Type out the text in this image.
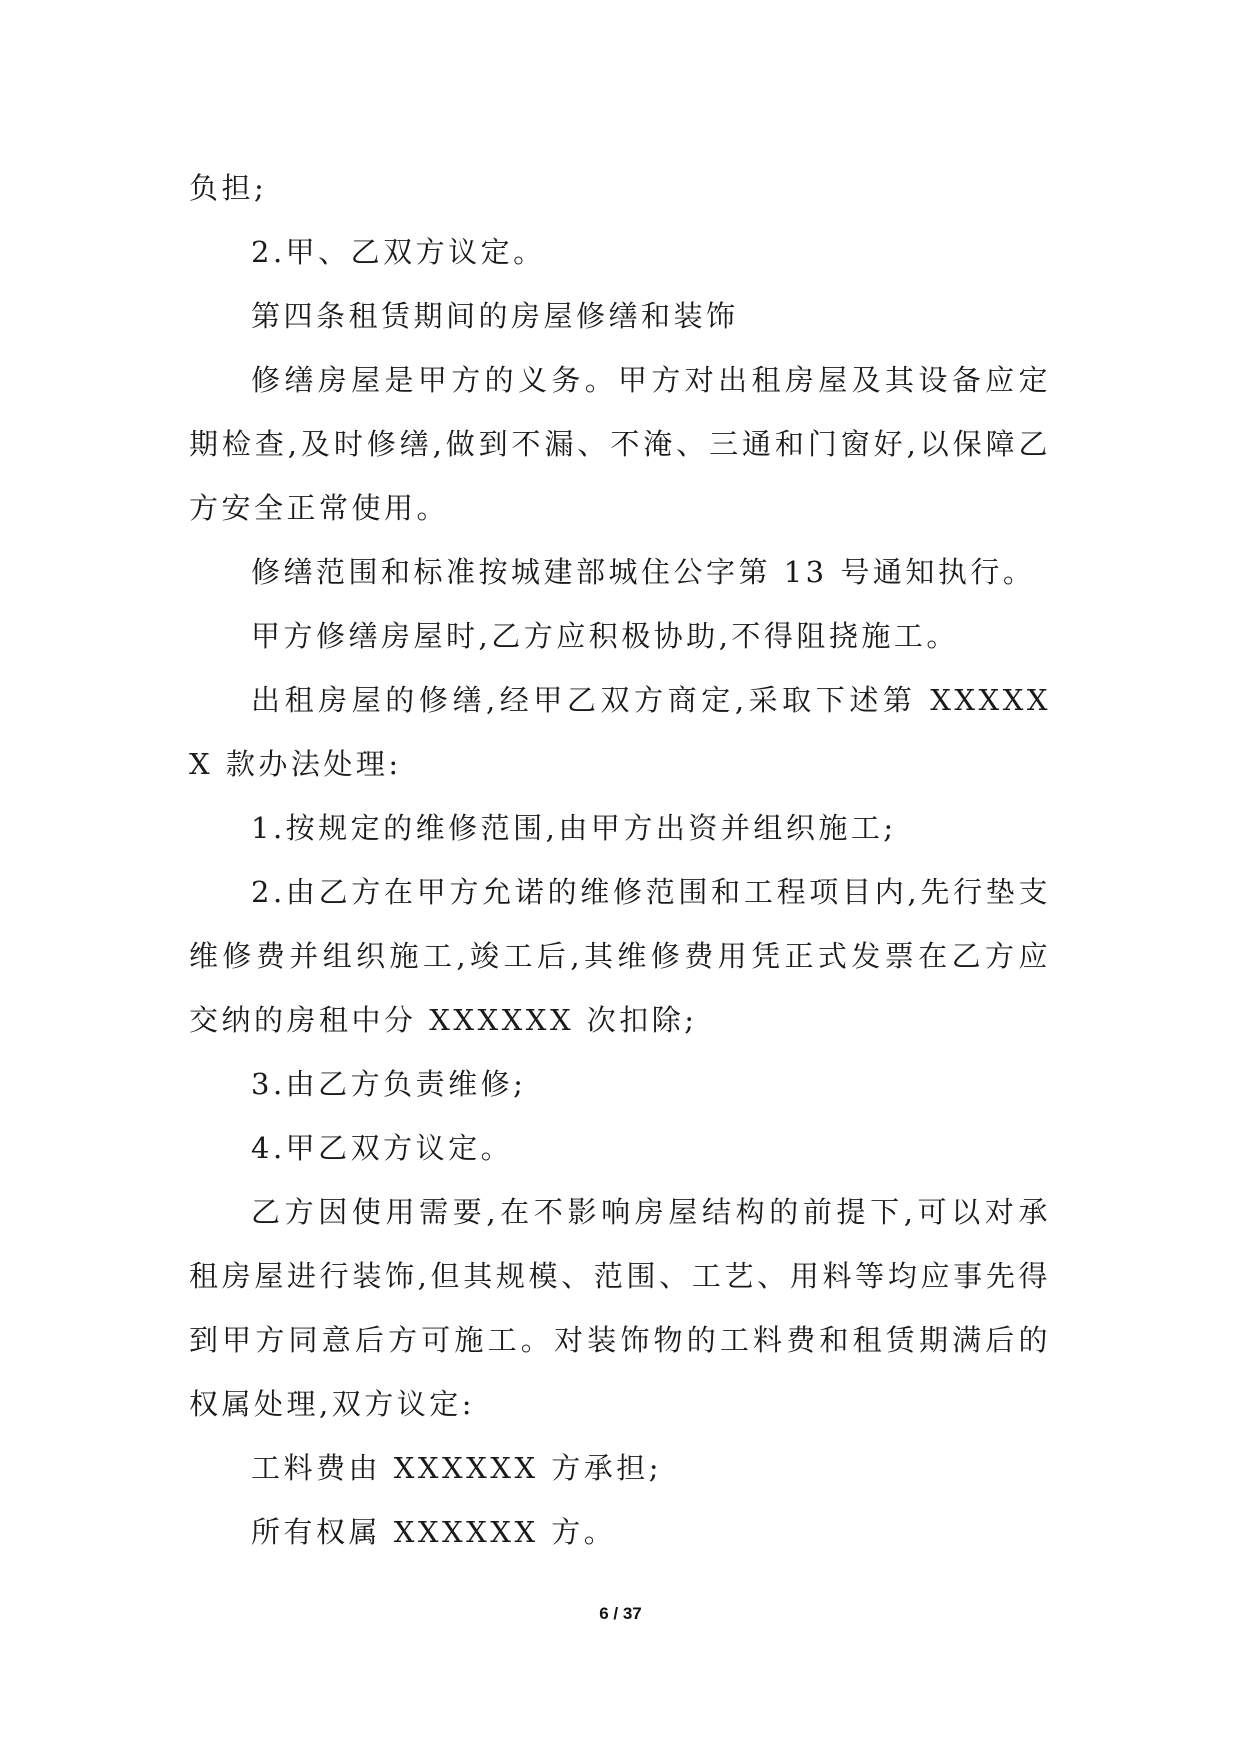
负担;

2.甲、乙双方议定。

第四条租赁期间的房屋修缮和装饰

修缮房屋是甲方的义务。甲方对出租房屋及其设备应定期检查,及时修缮,做到不漏、不淹、三通和门窗好,以保障乙方安全正常使用。

修缮范围和标准按城建部城住公字第 13 号通知执行。

甲方修缮房屋时,乙方应积极协助,不得阻挠施工。

出租房屋的修缮,经甲乙双方商定,采取下述第 XXXXXX 款办法处理:

1.按规定的维修范围,由甲方出资并组织施工;

2.由乙方在甲方允诺的维修范围和工程项目内,先行垫支维修费并组织施工,竣工后,其维修费用凭正式发票在乙方应交纳的房租中分 XXXXXX 次扣除;

3.由乙方负责维修;

4.甲乙双方议定。

乙方因使用需要,在不影响房屋结构的前提下,可以对承租房屋进行装饰,但其规模、范围、工艺、用料等均应事先得到甲方同意后方可施工。对装饰物的工料费和租赁期满后的权属处理,双方议定:

工料费由 XXXXXX 方承担;

所有权属 XXXXXX 方。

6 / 37
